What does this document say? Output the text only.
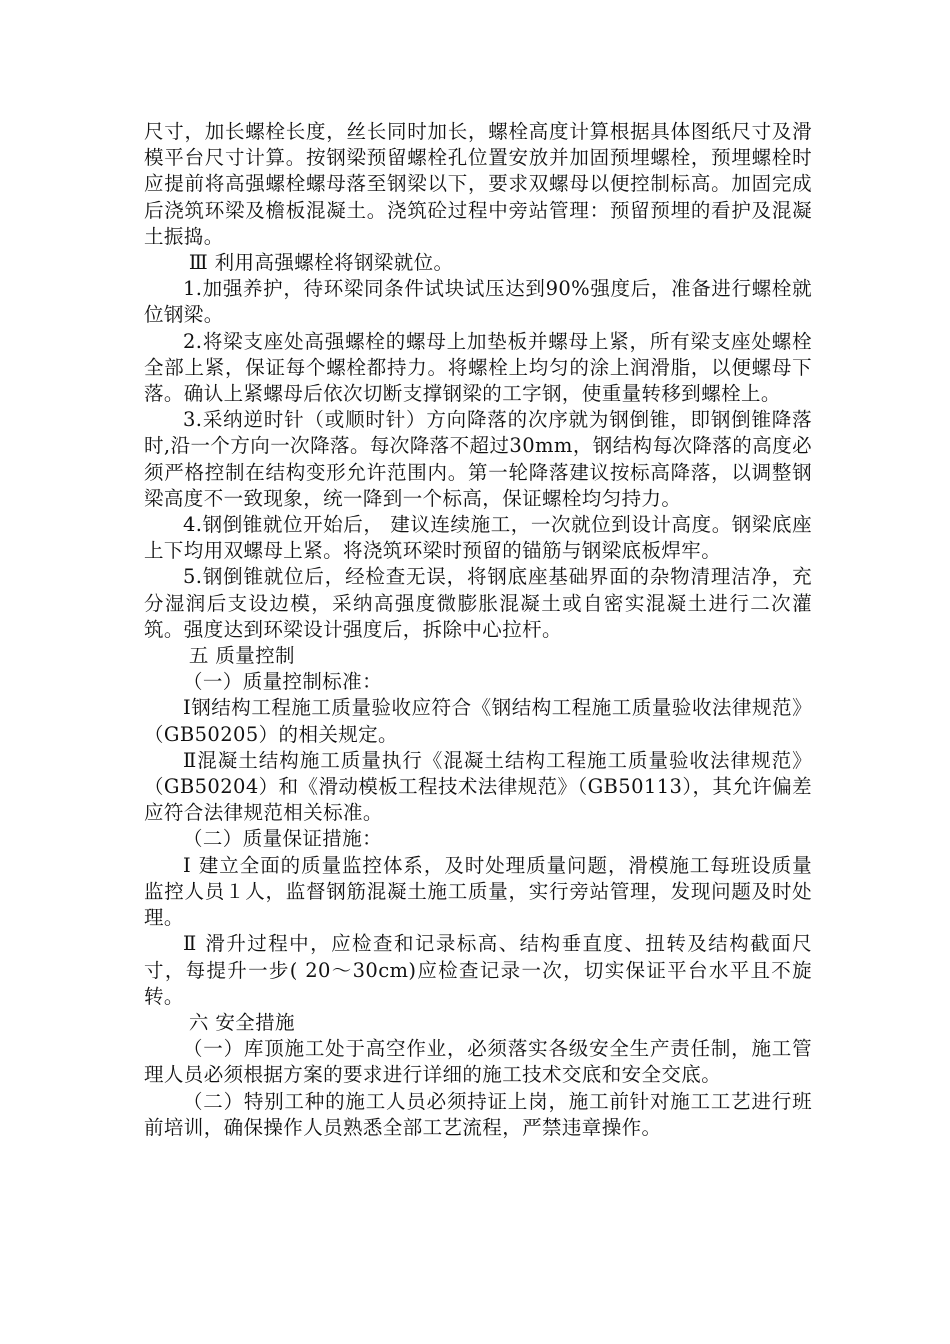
尺寸，加长螺栓长度，丝长同时加长，螺栓高度计算根据具体图纸尺寸及滑模平台尺寸计算。按钢梁预留螺栓孔位置安放并加固预埋螺栓，预埋螺栓时应提前将高强螺栓螺母落至钢梁以下，要求双螺母以便控制标高。加固完成后浇筑环梁及檐板混凝土。浇筑砼过程中旁站管理：预留预埋的看护及混凝土振捣。

Ⅲ 利用高强螺栓将钢梁就位。

1.加强养护，待环梁同条件试块试压达到90%强度后，准备进行螺栓就位钢梁。

2.将梁支座处高强螺栓的螺母上加垫板并螺母上紧，所有梁支座处螺栓全部上紧，保证每个螺栓都持力。将螺栓上均匀的涂上润滑脂，以便螺母下落。确认上紧螺母后依次切断支撑钢梁的工字钢，使重量转移到螺栓上。

3.采纳逆时针（或顺时针）方向降落的次序就为钢倒锥，即钢倒锥降落时,沿一个方向一次降落。每次降落不超过30mm，钢结构每次降落的高度必须严格控制在结构变形允许范围内。第一轮降落建议按标高降落，以调整钢梁高度不一致现象，统一降到一个标高，保证螺栓均匀持力。

4.钢倒锥就位开始后， 建议连续施工，一次就位到设计高度。钢梁底座上下均用双螺母上紧。将浇筑环梁时预留的锚筋与钢梁底板焊牢。

5.钢倒锥就位后，经检查无误，将钢底座基础界面的杂物清理洁净，充分湿润后支设边模，采纳高强度微膨胀混凝土或自密实混凝土进行二次灌筑。强度达到环梁设计强度后，拆除中心拉杆。

五 质量控制

（一）质量控制标准：

Ⅰ钢结构工程施工质量验收应符合《钢结构工程施工质量验收法律规范》（GB50205）的相关规定。

Ⅱ混凝土结构施工质量执行《混凝土结构工程施工质量验收法律规范》（GB50204）和《滑动模板工程技术法律规范》（GB50113），其允许偏差应符合法律规范相关标准。

（二）质量保证措施：

Ⅰ 建立全面的质量监控体系，及时处理质量问题，滑模施工每班设质量监控人员１人，监督钢筋混凝土施工质量，实行旁站管理，发现问题及时处理。

Ⅱ 滑升过程中，应检查和记录标高、结构垂直度、扭转及结构截面尺寸，每提升一步( 20～30cm)应检查记录一次，切实保证平台水平且不旋转。

六 安全措施

（一）库顶施工处于高空作业，必须落实各级安全生产责任制，施工管理人员必须根据方案的要求进行详细的施工技术交底和安全交底。

（二）特别工种的施工人员必须持证上岗，施工前针对施工工艺进行班前培训，确保操作人员熟悉全部工艺流程，严禁违章操作。
